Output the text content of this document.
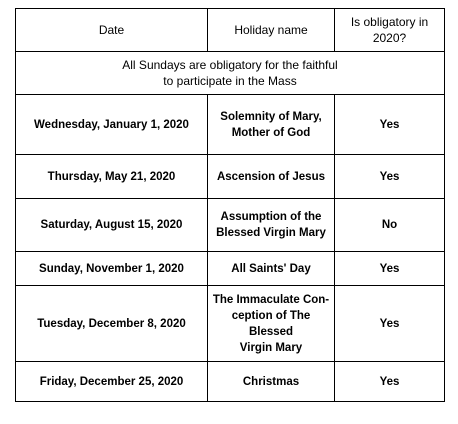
Date	Holiday name	Is obligatory in 2020?

All Sundays are obligatory for the faithful
to participate in the Mass		

Wednesday, January 1, 2020	Solemnity of Mary,
Mother of God	Yes
Thursday, May 21, 2020	Ascension of Jesus	Yes
Saturday, August 15, 2020	Assumption of the
Blessed Virgin Mary	No
Sunday, November 1, 2020	All Saints' Day	Yes
Tuesday, December 8, 2020	The Immaculate Con-
ception of The Blessed
Virgin Mary	Yes
Friday, December 25, 2020	Christmas	Yes
